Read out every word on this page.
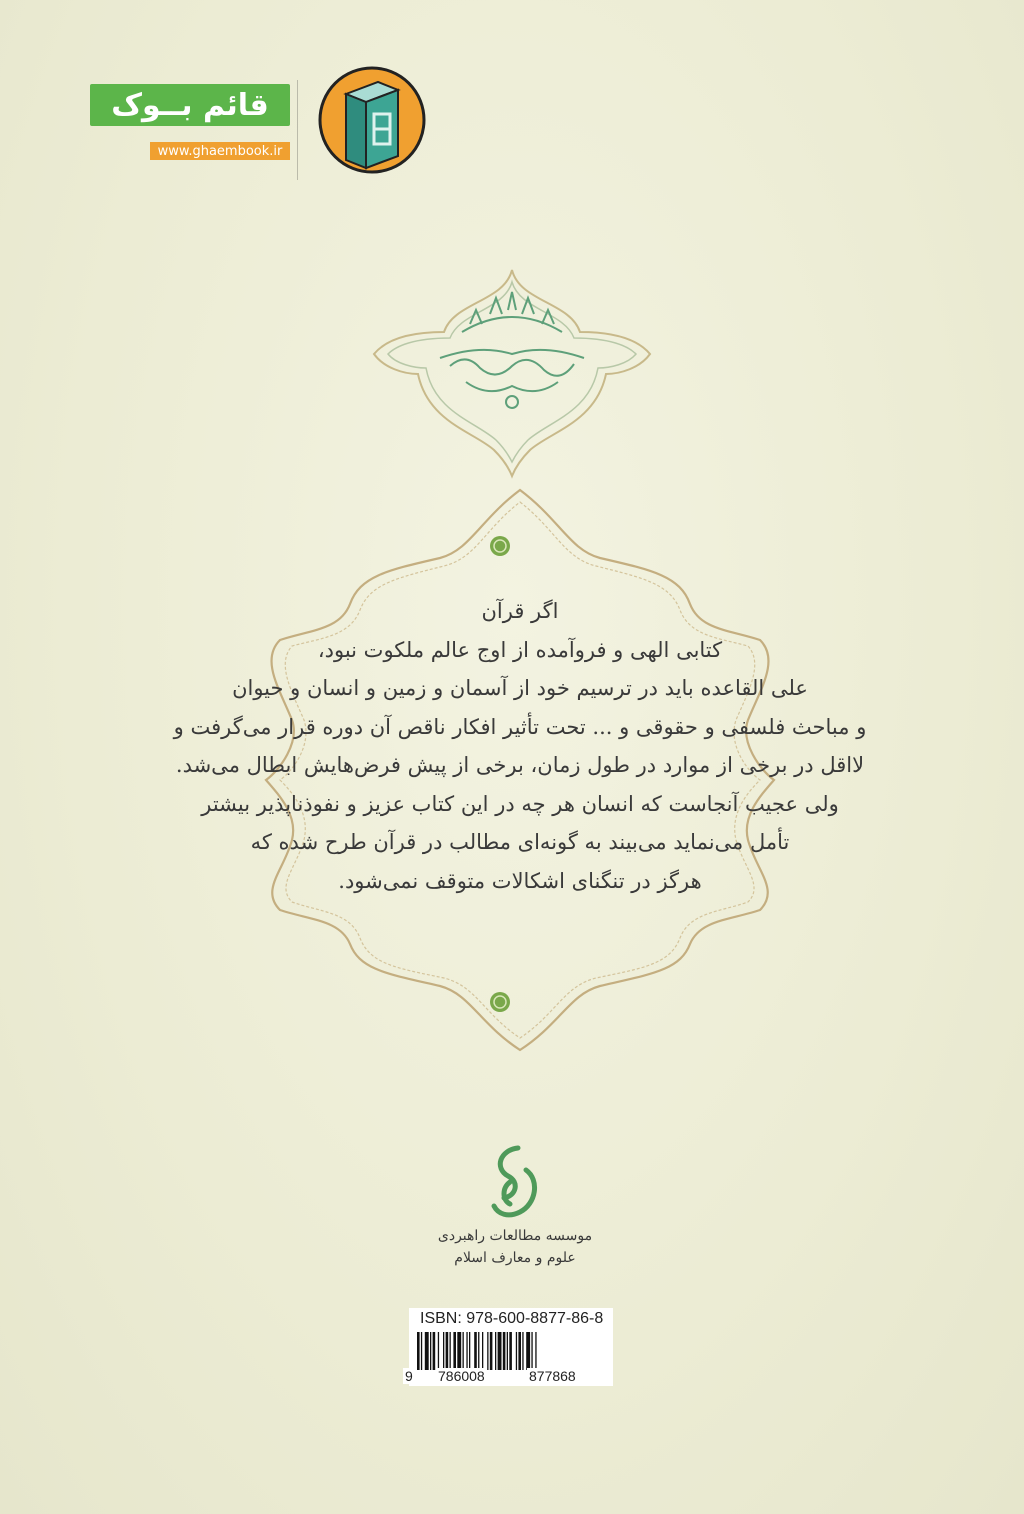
قائم بــوک
www.ghaembook.ir
اگر قرآن
کتابی الهی و فروآمده از اوج عالم ملکوت نبود،
علی القاعده باید در ترسیم خود از آسمان و زمین و انسان و حیوان
و مباحث فلسفی و حقوقی و ... تحت تأثیر افکار ناقص آن دوره قرار می‌گرفت و
لااقل در برخی از موارد در طول زمان، برخی از پیش فرض‌هایش ابطال می‌شد.
ولی عجیب آنجاست که انسان هر چه در این کتاب عزیز و نفوذناپذیر بیشتر
تأمل می‌نماید می‌بیند به گونه‌ای مطالب در قرآن طرح شده که
هرگز در تنگنای اشکالات متوقف نمی‌شود.
موسسه مطالعات راهبردی
علوم و معارف اسلام
ISBN: 978-600-8877-86-8
9 786008	877868
